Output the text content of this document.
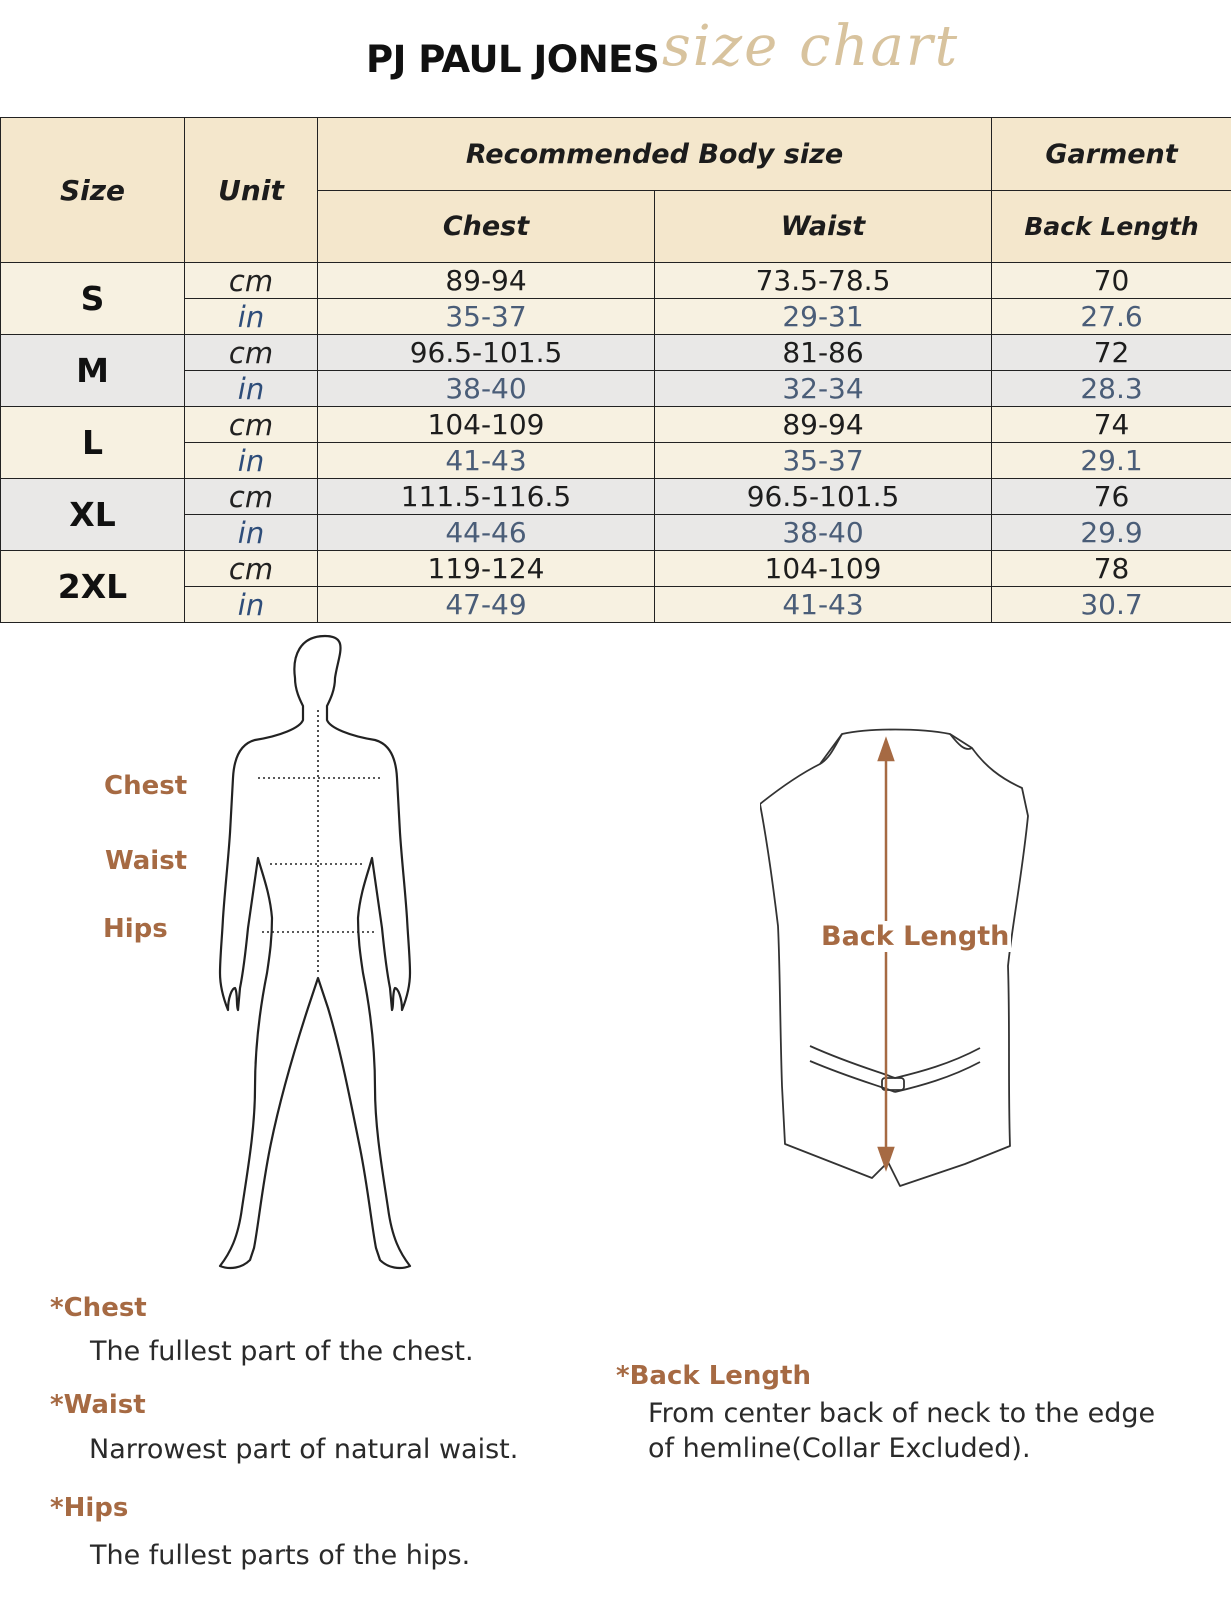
PJ PAUL JONES size chart
Size	Unit	Recommended Body size		Garment
		Chest	Waist	Back Length
S	cm	89-94	73.5-78.5	70
	in	35-37	29-31	27.6
M	cm	96.5-101.5	81-86	72
	in	38-40	32-34	28.3
L	cm	104-109	89-94	74
	in	41-43	35-37	29.1
XL	cm	111.5-116.5	96.5-101.5	76
	in	44-46	38-40	29.9
2XL	cm	119-124	104-109	78
	in	47-49	41-43	30.7
Chest
Waist
Hips	Back Length
*Chest
The fullest part of the chest.
*Waist
Narrowest part of natural waist.
*Hips
The fullest parts of the hips.
*Back Length
From center back of neck to the edge
of hemline(Collar Excluded).
